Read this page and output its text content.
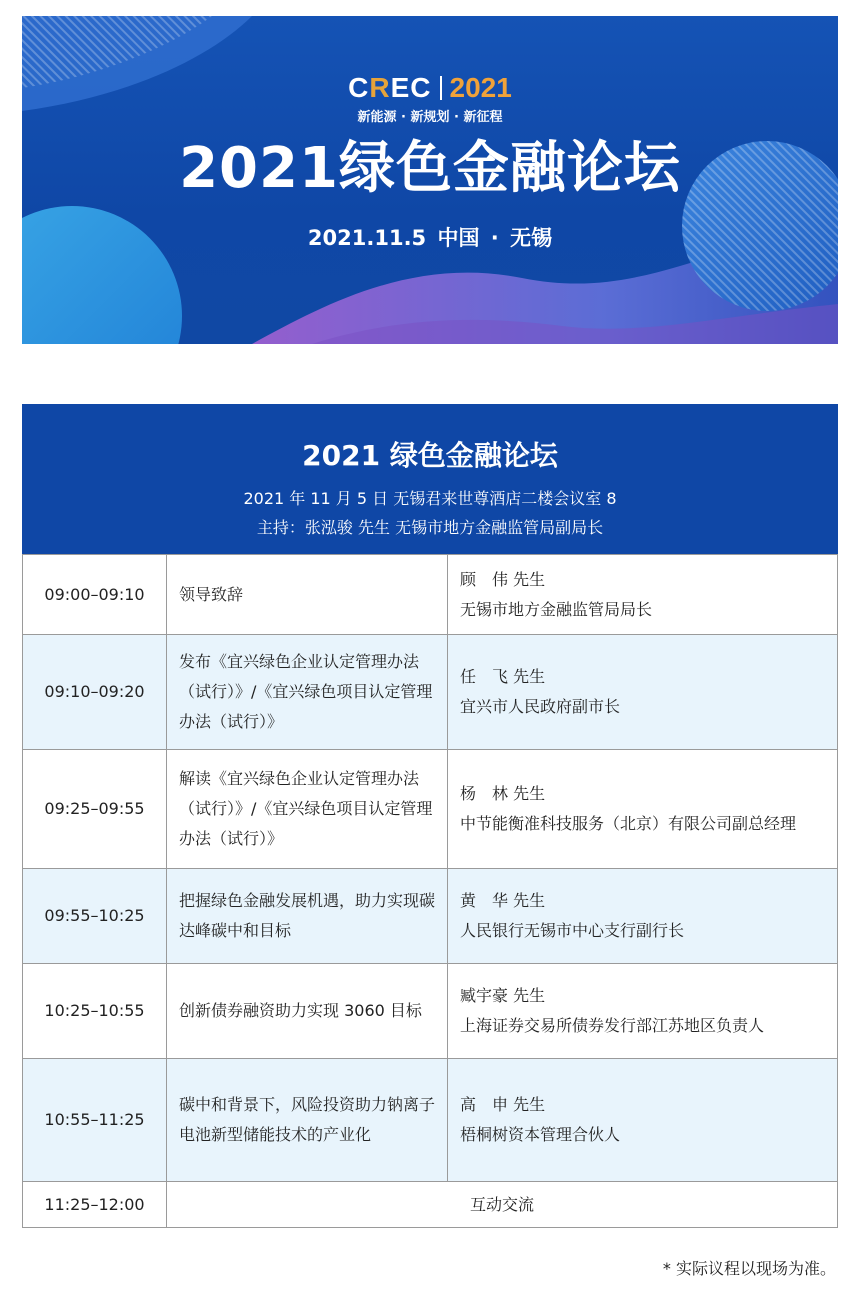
CREC 2021
新能源 · 新规划 · 新征程
2021绿色金融论坛
2021.11.5 中国 · 无锡
2021 绿色金融论坛
2021 年 11 月 5 日 无锡君来世尊酒店二楼会议室 8
主持：张泓骏 先生 无锡市地方金融监管局副局长
09:00–09:10	领导致辞	顾　伟 先生
无锡市地方金融监管局局长

09:10–09:20	发布《宜兴绿色企业认定管理办法（试行）》/《宜兴绿色项目认定管理办法（试行）》	任　飞 先生
宜兴市人民政府副市长

09:25–09:55	解读《宜兴绿色企业认定管理办法（试行）》/《宜兴绿色项目认定管理办法（试行）》	杨　林 先生
中节能衡准科技服务（北京）有限公司副总经理

09:55–10:25	把握绿色金融发展机遇，助力实现碳达峰碳中和目标	黄　华 先生
人民银行无锡市中心支行副行长

10:25–10:55	创新债券融资助力实现 3060 目标	臧宇豪 先生
上海证券交易所债券发行部江苏地区负责人

10:55–11:25	碳中和背景下，风险投资助力钠离子电池新型储能技术的产业化	高　申 先生
梧桐树资本管理合伙人

11:25–12:00	互动交流	
* 实际议程以现场为准。
